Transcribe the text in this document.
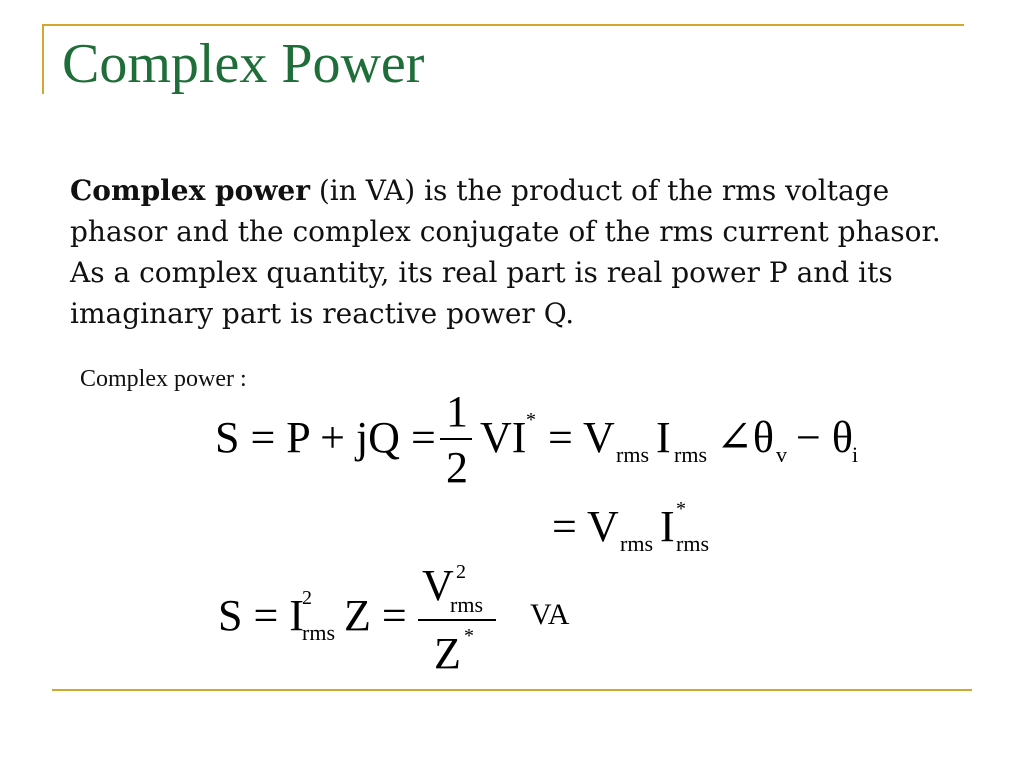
Complex Power
Complex power (in VA) is the product of the rms voltage phasor and the complex conjugate of the rms current phasor. As a complex quantity, its real part is real power P and its imaginary part is reactive power Q.
Complex power :
S = P + jQ =
1
2
VI * = V rms I rms ∠θ v − θ i
= V rms I *
rms
S = I
2
rms Z =
V 2
rms
Z *
VA
